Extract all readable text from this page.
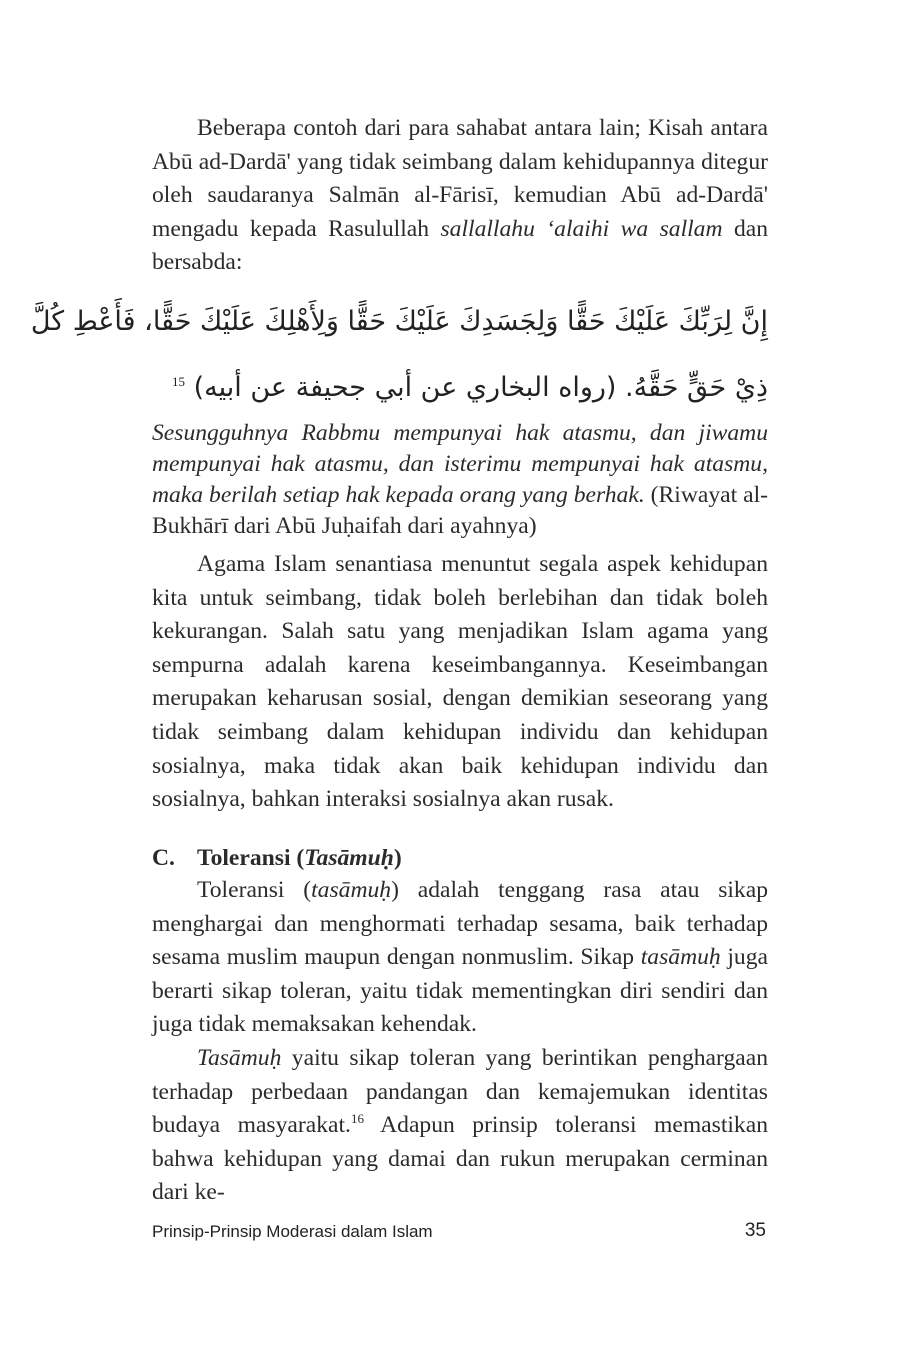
Beberapa contoh dari para sahabat antara lain; Kisah antara Abū ad-Dardā' yang tidak seimbang dalam kehidupannya ditegur oleh saudaranya Salmān al-Fārisī, kemudian Abū ad-Dardā' mengadu kepada Rasulullah sallallahu ‘alaihi wa sallam dan bersabda:

إِنَّ لِرَبِّكَ عَلَيْكَ حَقًّا وَلِجَسَدِكَ عَلَيْكَ حَقًّا وَلِأَهْلِكَ عَلَيْكَ حَقًّا، فَأَعْطِ كُلَّ
ذِيْ حَقٍّ حَقَّهُ. (رواه البخاري عن أبي جحيفة عن أبيه) $^{15}$

Sesungguhnya Rabbmu mempunyai hak atasmu, dan jiwamu mempunyai hak atasmu, dan isterimu mempunyai hak atasmu, maka berilah setiap hak kepada orang yang berhak. (Riwayat al-Bukhārī dari Abū Juḥaifah dari ayahnya)

Agama Islam senantiasa menuntut segala aspek kehidupan kita untuk seimbang, tidak boleh berlebihan dan tidak boleh kekurangan. Salah satu yang menjadikan Islam agama yang sempurna adalah karena keseimbangannya. Keseimbangan merupakan keharusan sosial, dengan demikian seseorang yang tidak seimbang dalam kehidupan individu dan kehidupan sosialnya, maka tidak akan baik kehidupan individu dan sosialnya, bahkan interaksi sosialnya akan rusak.

C. Toleransi (Tasāmuḥ)

Toleransi (tasāmuḥ) adalah tenggang rasa atau sikap menghargai dan menghormati terhadap sesama, baik terhadap sesama muslim maupun dengan nonmuslim. Sikap tasāmuḥ juga berarti sikap toleran, yaitu tidak mementingkan diri sendiri dan juga tidak memaksakan kehendak.

Tasāmuḥ yaitu sikap toleran yang berintikan penghargaan terhadap perbedaan pandangan dan kemajemukan identitas budaya masyarakat.$^{16}$ Adapun prinsip toleransi memastikan bahwa kehidupan yang damai dan rukun merupakan cerminan dari ke-

Prinsip-Prinsip Moderasi dalam Islam	35
